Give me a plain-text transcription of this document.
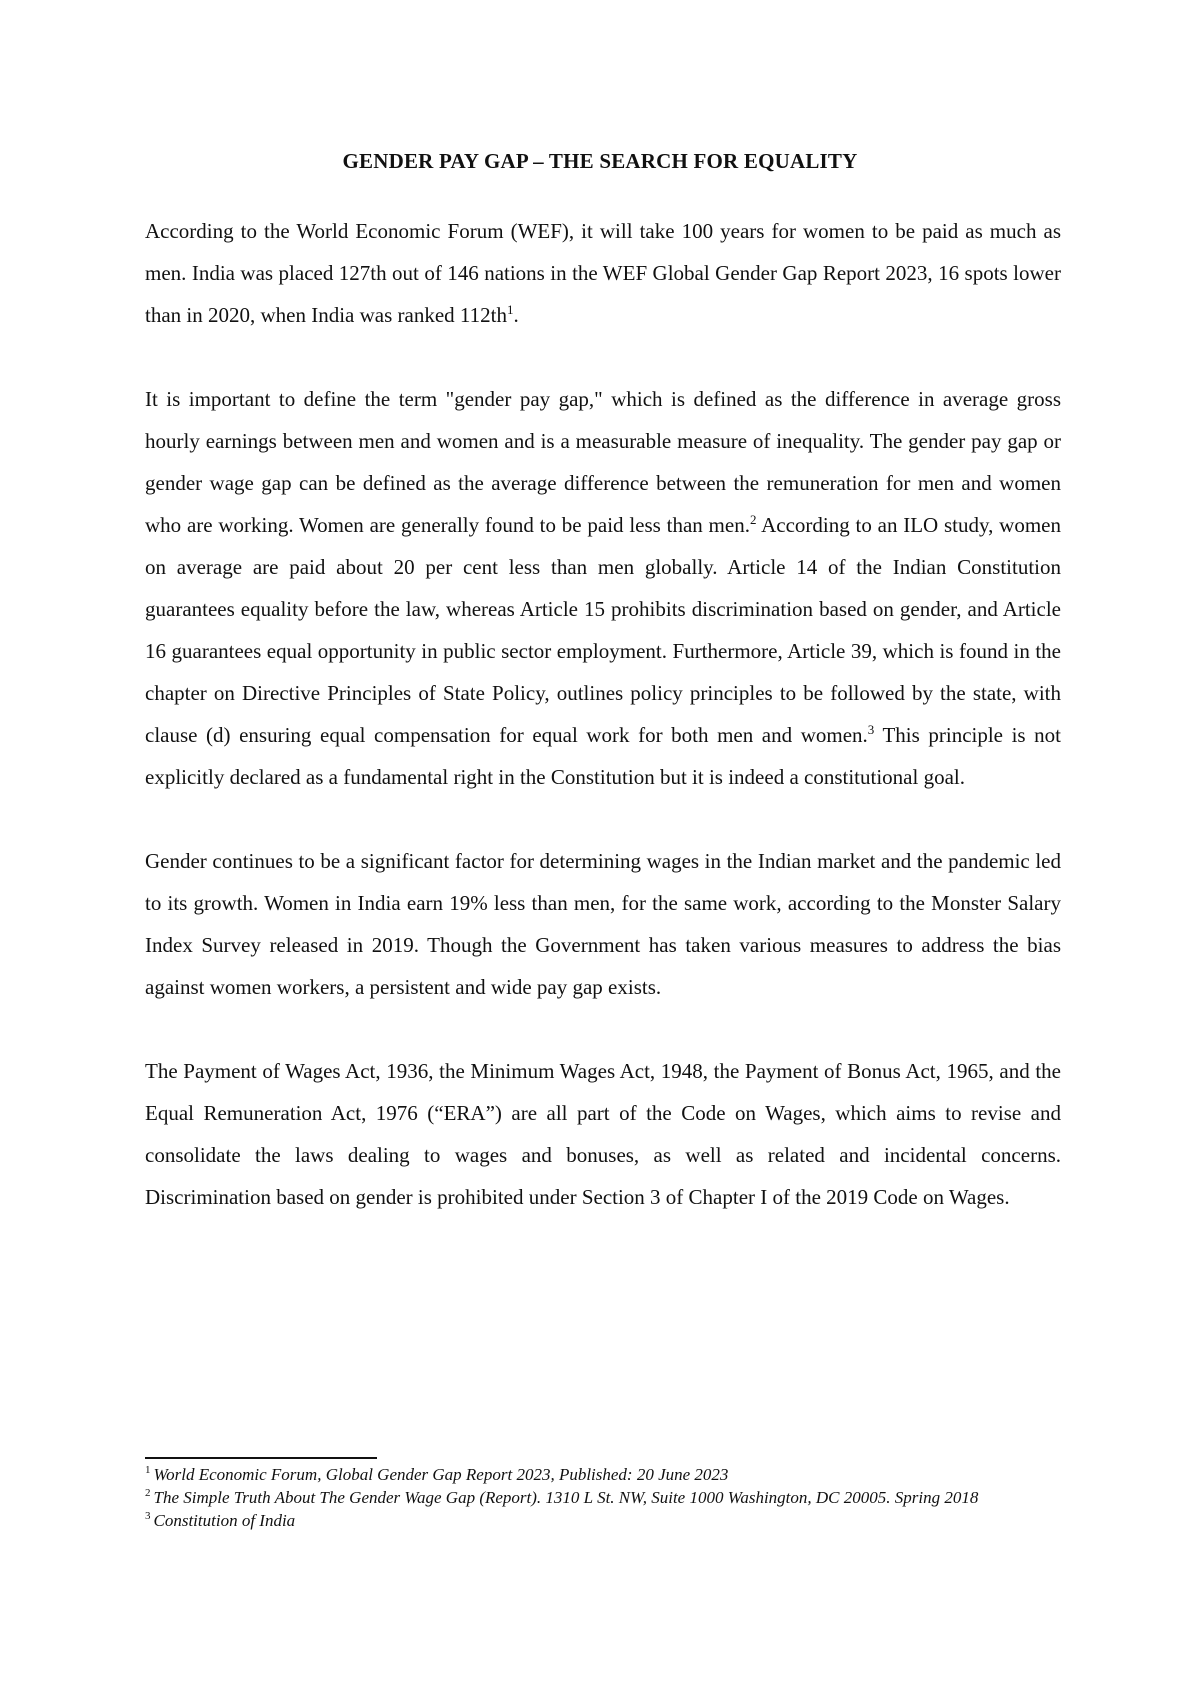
GENDER PAY GAP – THE SEARCH FOR EQUALITY

According to the World Economic Forum (WEF), it will take 100 years for women to be paid as much as men. India was placed 127th out of 146 nations in the WEF Global Gender Gap Report 2023, 16 spots lower than in 2020, when India was ranked $112th^1$.

It is important to define the term "gender pay gap," which is defined as the difference in average gross hourly earnings between men and women and is a measurable measure of inequality. The gender pay gap or gender wage gap can be defined as the average difference between the remuneration for men and women who are working. Women are generally found to be paid less than men.$^2$ According to an ILO study, women on average are paid about 20 per cent less than men globally. Article 14 of the Indian Constitution guarantees equality before the law, whereas Article 15 prohibits discrimination based on gender, and Article 16 guarantees equal opportunity in public sector employment. Furthermore, Article 39, which is found in the chapter on Directive Principles of State Policy, outlines policy principles to be followed by the state, with clause (d) ensuring equal compensation for equal work for both men and women.$^3$ This principle is not explicitly declared as a fundamental right in the Constitution but it is indeed a constitutional goal.

Gender continues to be a significant factor for determining wages in the Indian market and the pandemic led to its growth. Women in India earn 19% less than men, for the same work, according to the Monster Salary Index Survey released in 2019. Though the Government has taken various measures to address the bias against women workers, a persistent and wide pay gap exists.

The Payment of Wages Act, 1936, the Minimum Wages Act, 1948, the Payment of Bonus Act, 1965, and the Equal Remuneration Act, 1976 (“ERA”) are all part of the Code on Wages, which aims to revise and consolidate the laws dealing to wages and bonuses, as well as related and incidental concerns. Discrimination based on gender is prohibited under Section 3 of Chapter I of the 2019 Code on Wages.

$^1$ World Economic Forum, Global Gender Gap Report 2023, Published: 20 June 2023

$^2$ The Simple Truth About The Gender Wage Gap (Report). 1310 L St. NW, Suite 1000 Washington, DC 20005. Spring 2018

$^3$ Constitution of India
